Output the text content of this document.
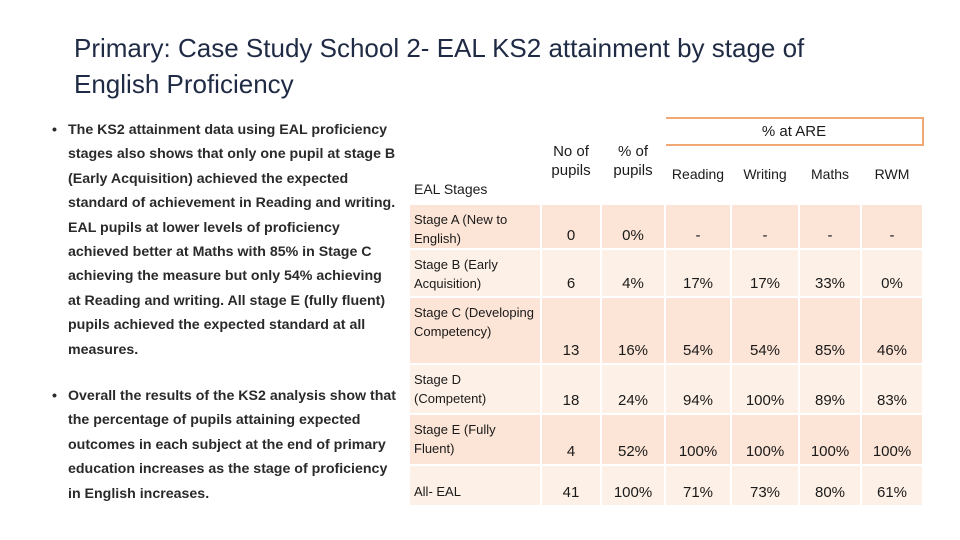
Primary: Case Study School 2- EAL KS2 attainment by stage of English Proficiency
• The KS2 attainment data using EAL proficiency stages also shows that only one pupil at stage B (Early Acquisition) achieved the expected standard of achievement in Reading and writing. EAL pupils at lower levels of proficiency achieved better at Maths with 85% in Stage C achieving the measure but only 54% achieving at Reading and writing. All stage E (fully fluent) pupils achieved the expected standard at all measures.
• Overall the results of the KS2 analysis show that the percentage of pupils attaining expected outcomes in each subject at the end of primary education increases as the stage of proficiency in English increases.
EAL Stages	No of pupils	% of pupils	% at ARE			
			Reading	Writing	Maths	RWM
Stage A (New to English)	0	0%	-	-	-	-
Stage B (Early Acquisition)	6	4%	17%	17%	33%	0%
Stage C (Developing Competency)	13	16%	54%	54%	85%	46%
Stage D (Competent)	18	24%	94%	100%	89%	83%
Stage E (Fully Fluent)	4	52%	100%	100%	100%	100%
All- EAL	41	100%	71%	73%	80%	61%
